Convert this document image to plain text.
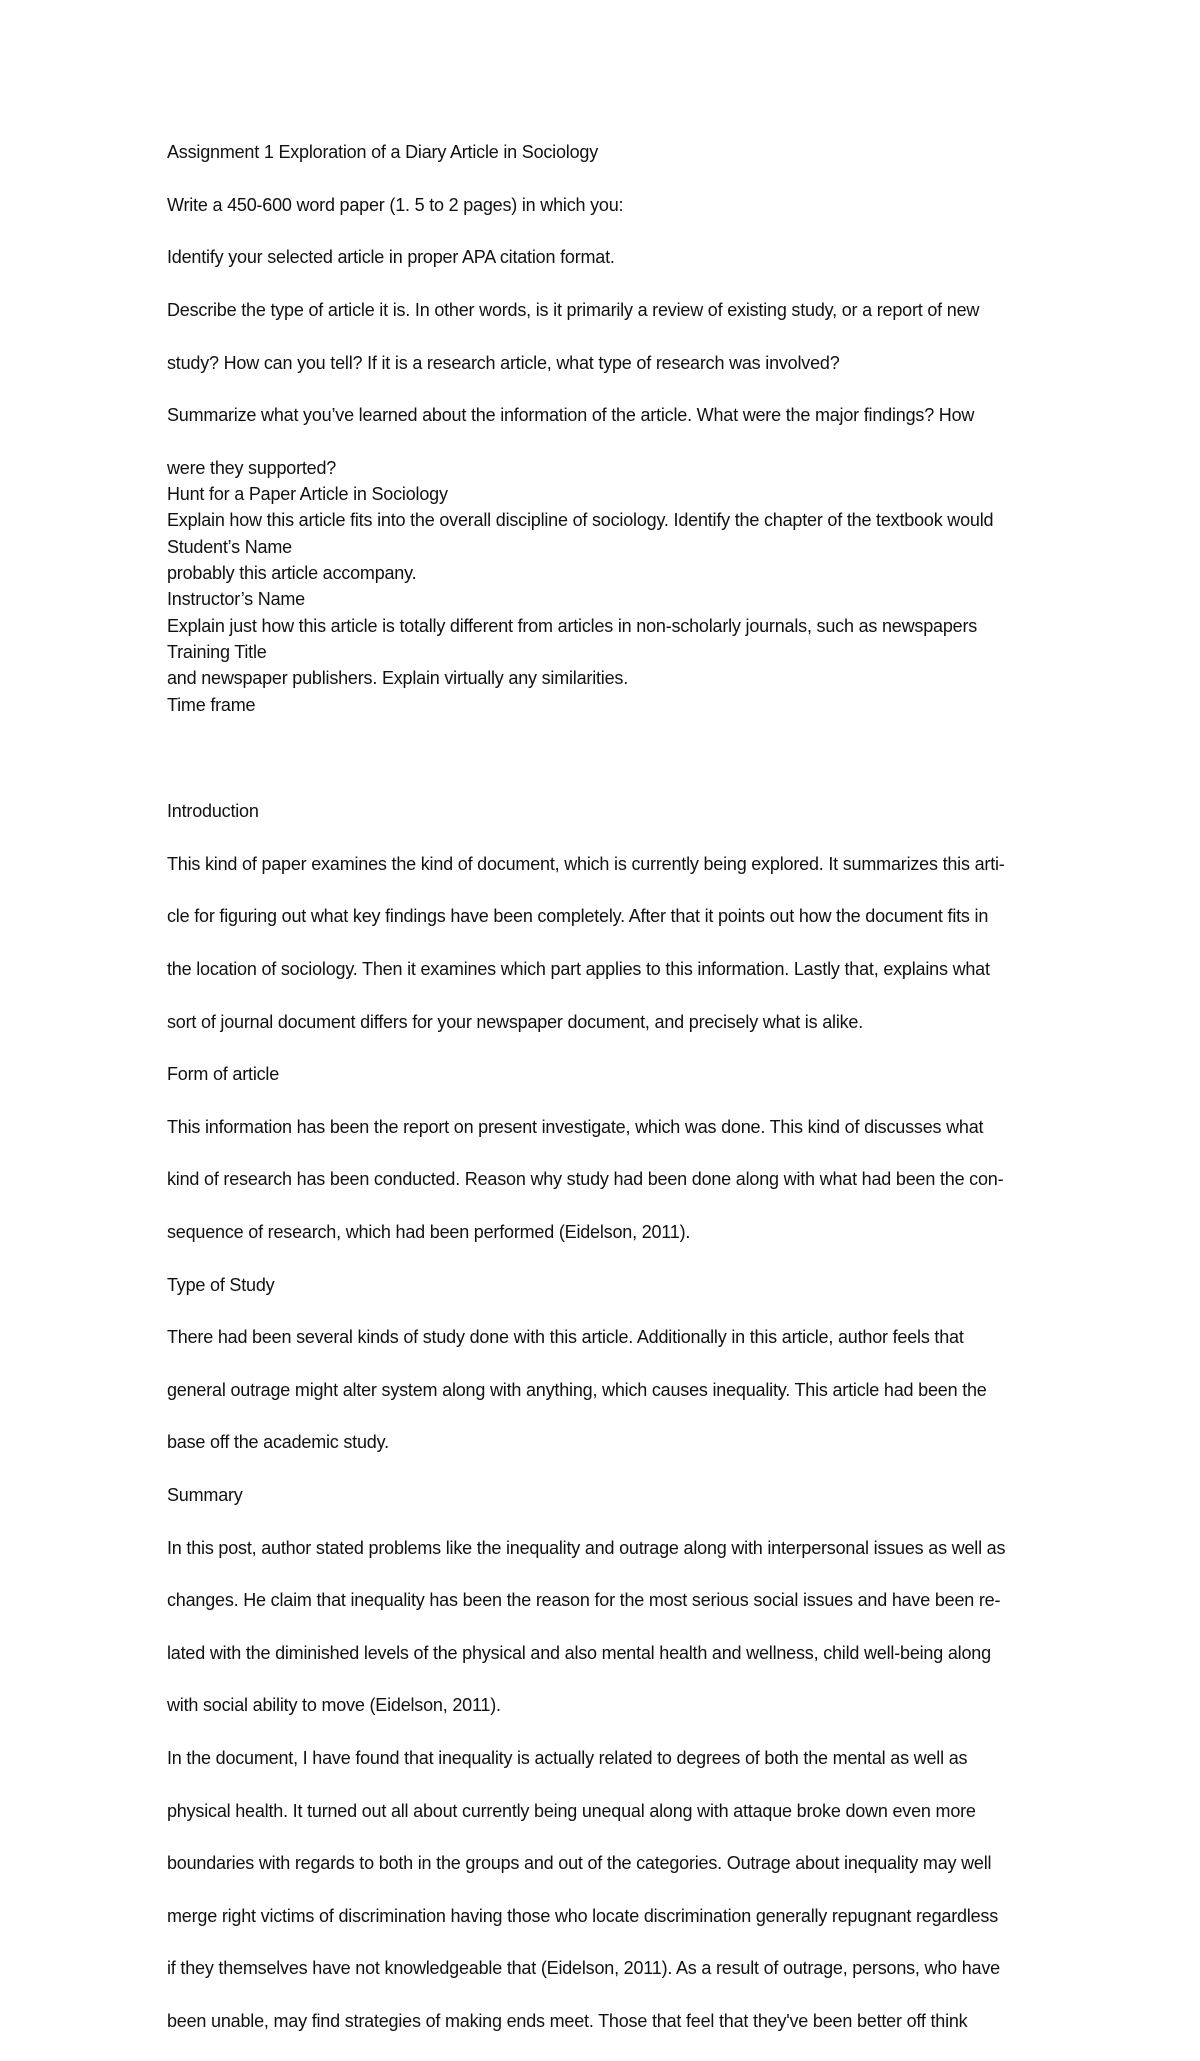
Assignment 1 Exploration of a Diary Article in Sociology

Write a 450-600 word paper (1. 5 to 2 pages) in which you:

Identify your selected article in proper APA citation format.

Describe the type of article it is. In other words, is it primarily a review of existing study, or a report of new

study? How can you tell? If it is a research article, what type of research was involved?

Summarize what you’ve learned about the information of the article. What were the major findings? How

were they supported?

Explain how this article fits into the overall discipline of sociology. Identify the chapter of the textbook would

probably this article accompany.

Explain just how this article is totally different from articles in non-scholarly journals, such as newspapers

and newspaper publishers. Explain virtually any similarities.

Hunt for a Paper Article in Sociology

Student’s Name

Instructor’s Name

Training Title

Time frame

Introduction

This kind of paper examines the kind of document, which is currently being explored. It summarizes this arti-

cle for figuring out what key findings have been completely. After that it points out how the document fits in

the location of sociology. Then it examines which part applies to this information. Lastly that, explains what

sort of journal document differs for your newspaper document, and precisely what is alike.

Form of article

This information has been the report on present investigate, which was done. This kind of discusses what

kind of research has been conducted. Reason why study had been done along with what had been the con-

sequence of research, which had been performed (Eidelson, 2011).

Type of Study

There had been several kinds of study done with this article. Additionally in this article, author feels that

general outrage might alter system along with anything, which causes inequality. This article had been the

base off the academic study.

Summary

In this post, author stated problems like the inequality and outrage along with interpersonal issues as well as

changes. He claim that inequality has been the reason for the most serious social issues and have been re-

lated with the diminished levels of the physical and also mental health and wellness, child well-being along

with social ability to move (Eidelson, 2011).

In the document, I have found that inequality is actually related to degrees of both the mental as well as

physical health. It turned out all about currently being unequal along with attaque broke down even more

boundaries with regards to both in the groups and out of the categories. Outrage about inequality may well

merge right victims of discrimination having those who locate discrimination generally repugnant regardless

if they themselves have not knowledgeable that (Eidelson, 2011). As a result of outrage, persons, who have

been unable, may find strategies of making ends meet. Those that feel that they've been better off think
